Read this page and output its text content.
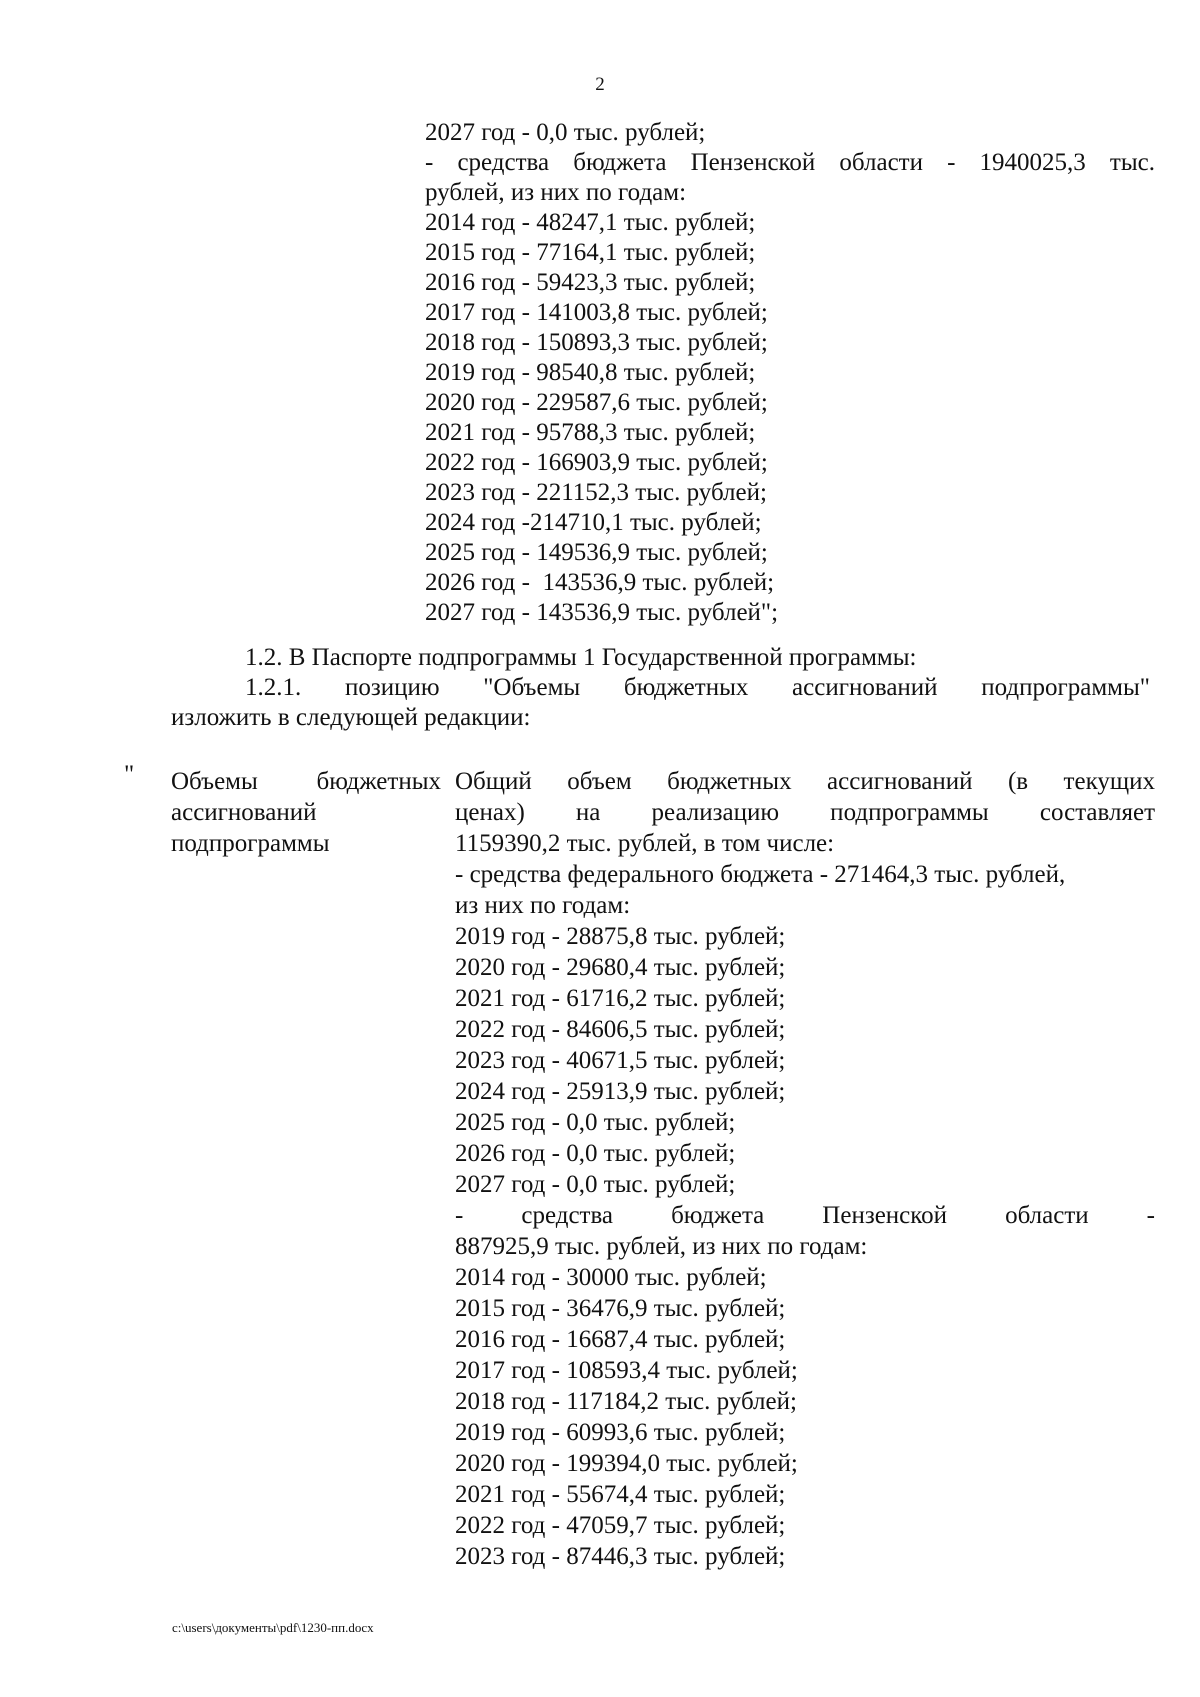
2
2027 год - 0,0 тыс. рублей;
- средства бюджета Пензенской области - 1940025,3 тыс.
рублей, из них по годам:
2014 год - 48247,1 тыс. рублей;
2015 год - 77164,1 тыс. рублей;
2016 год - 59423,3 тыс. рублей;
2017 год - 141003,8 тыс. рублей;
2018 год - 150893,3 тыс. рублей;
2019 год - 98540,8 тыс. рублей;
2020 год - 229587,6 тыс. рублей;
2021 год - 95788,3 тыс. рублей;
2022 год - 166903,9 тыс. рублей;
2023 год - 221152,3 тыс. рублей;
2024 год -214710,1 тыс. рублей;
2025 год - 149536,9 тыс. рублей;
2026 год -  143536,9 тыс. рублей;
2027 год - 143536,9 тыс. рублей";
1.2. В Паспорте подпрограммы 1 Государственной программы:
1.2.1. позицию "Объемы бюджетных ассигнований подпрограммы"
изложить в следующей редакции:
" Объемы бюджетных
ассигнований
подпрограммы
Общий объем бюджетных ассигнований (в текущих
ценах) на реализацию подпрограммы составляет
1159390,2 тыс. рублей, в том числе:
- средства федерального бюджета - 271464,3 тыс. рублей,
из них по годам:
2019 год - 28875,8 тыс. рублей;
2020 год - 29680,4 тыс. рублей;
2021 год - 61716,2 тыс. рублей;
2022 год - 84606,5 тыс. рублей;
2023 год - 40671,5 тыс. рублей;
2024 год - 25913,9 тыс. рублей;
2025 год - 0,0 тыс. рублей;
2026 год - 0,0 тыс. рублей;
2027 год - 0,0 тыс. рублей;
- средства бюджета Пензенской области -
887925,9 тыс. рублей, из них по годам:
2014 год - 30000 тыс. рублей;
2015 год - 36476,9 тыс. рублей;
2016 год - 16687,4 тыс. рублей;
2017 год - 108593,4 тыс. рублей;
2018 год - 117184,2 тыс. рублей;
2019 год - 60993,6 тыс. рублей;
2020 год - 199394,0 тыс. рублей;
2021 год - 55674,4 тыс. рублей;
2022 год - 47059,7 тыс. рублей;
2023 год - 87446,3 тыс. рублей;
c:\users\документы\pdf\1230-пп.docx
